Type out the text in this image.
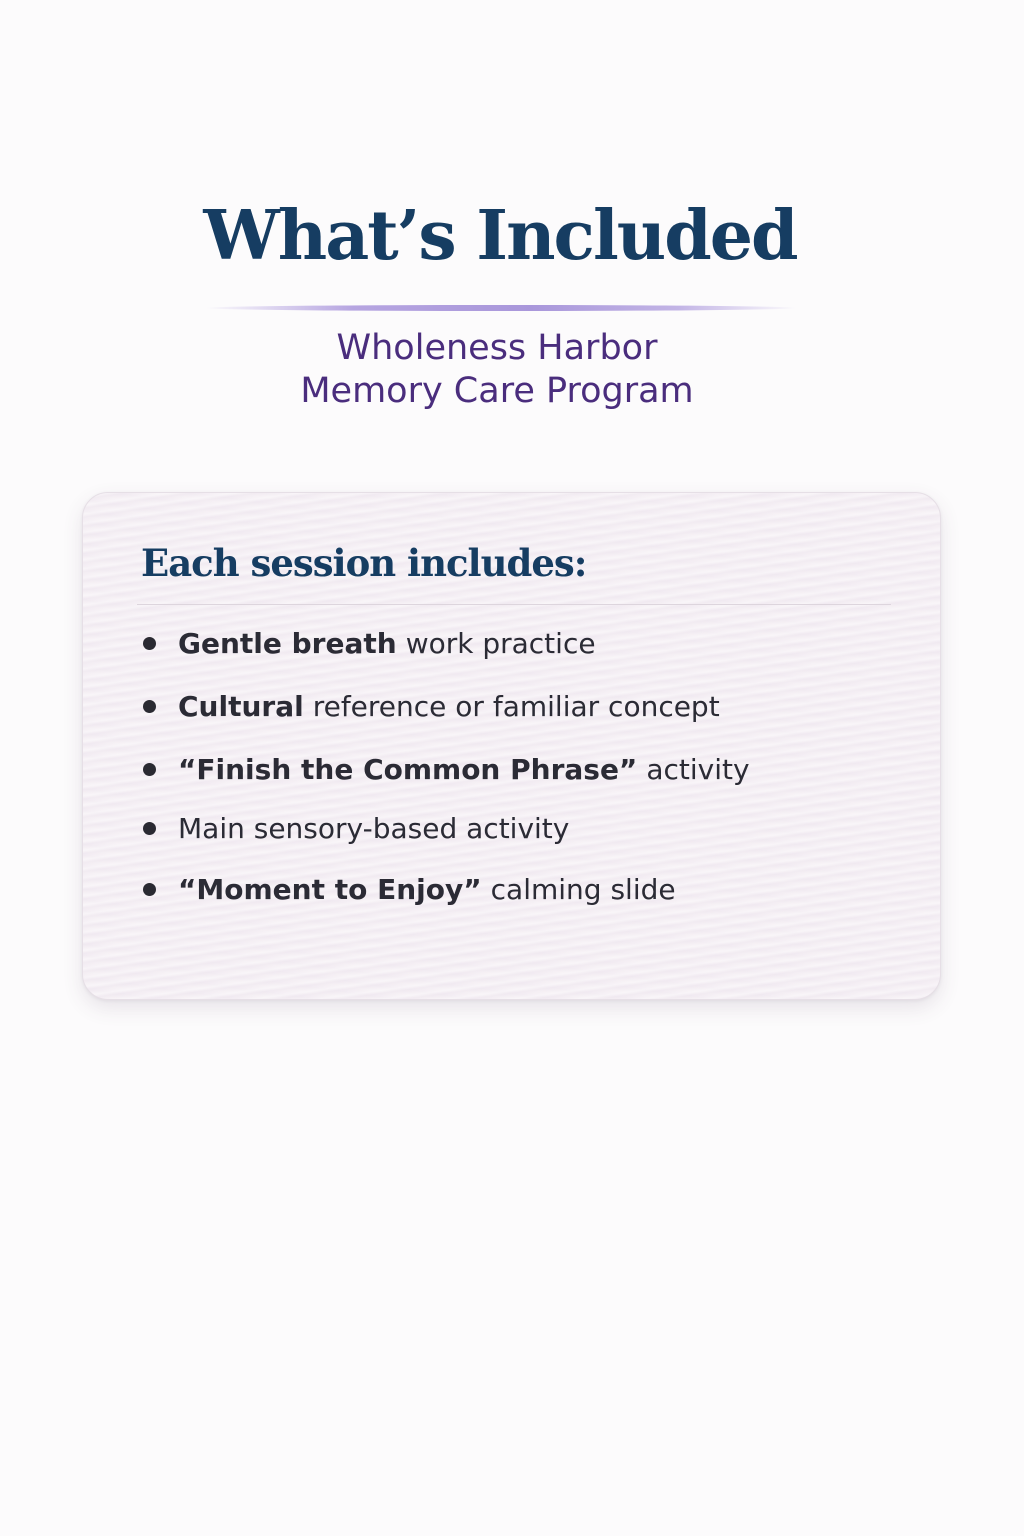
What’s Included

Wholeness Harbor

Memory Care Program

Each session includes:
Gentle breath work practice
Cultural reference or familiar concept
“Finish the Common Phrase” activity
Main sensory-based activity
“Moment to Enjoy” calming slide
